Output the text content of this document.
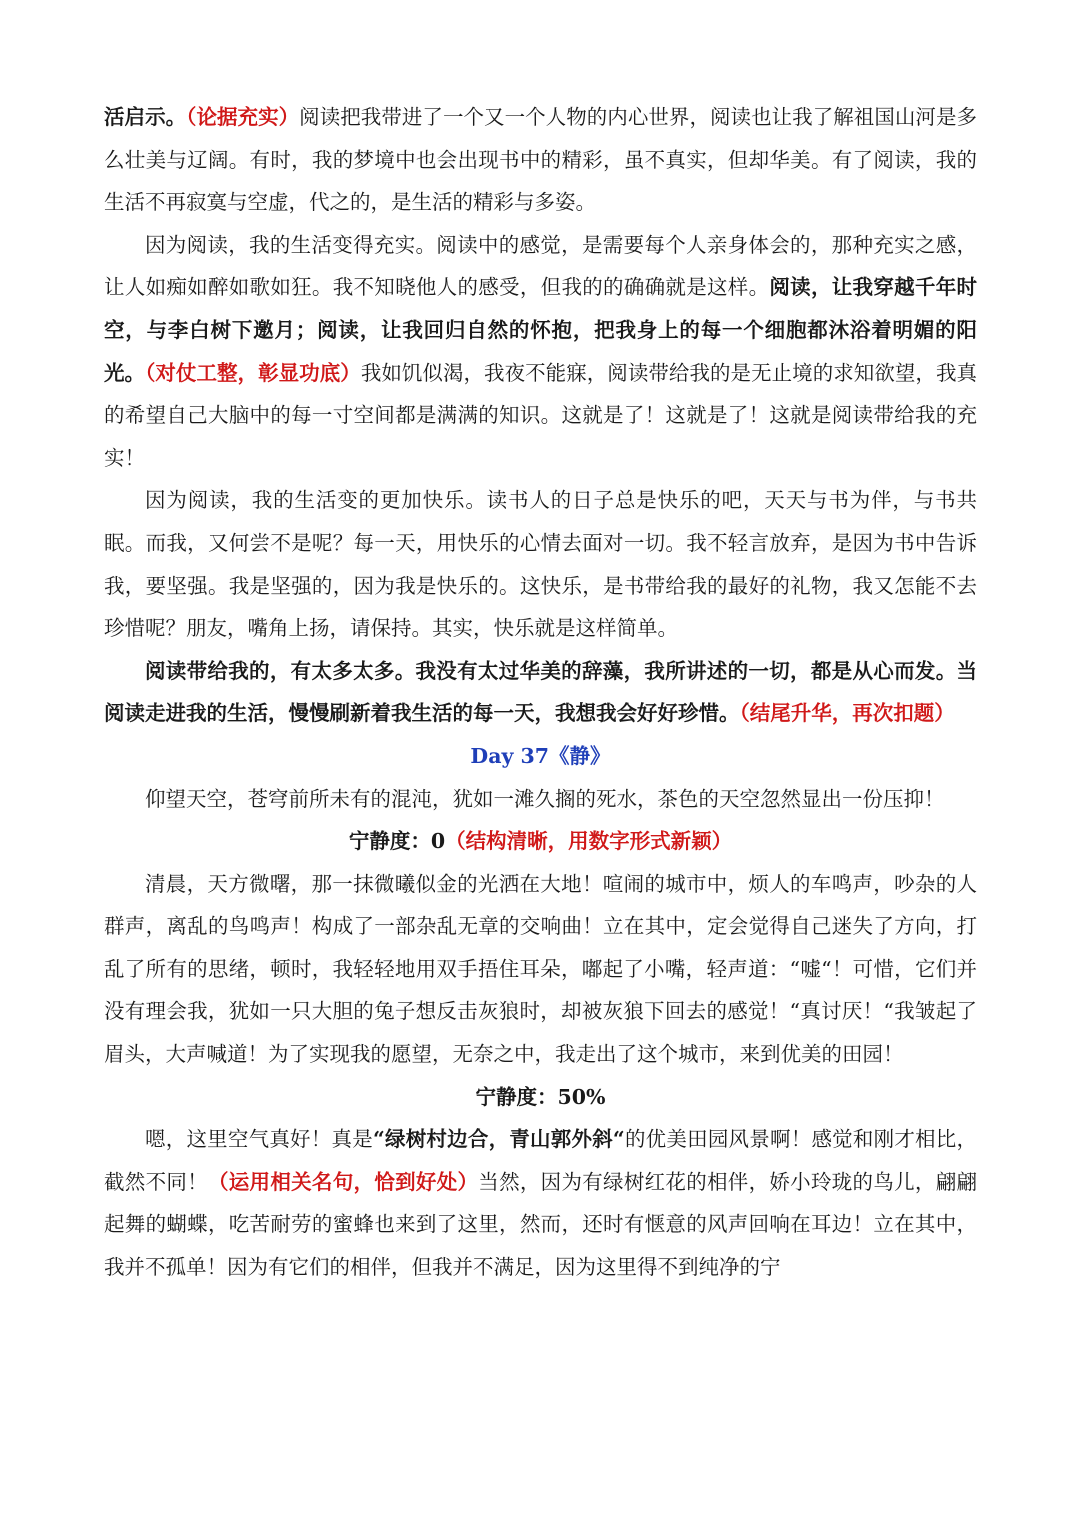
活启示。（论据充实）阅读把我带进了一个又一个人物的内心世界，阅读也让我了解祖国山河是多么壮美与辽阔。有时，我的梦境中也会出现书中的精彩，虽不真实，但却华美。有了阅读，我的生活不再寂寞与空虚，代之的，是生活的精彩与多姿。

因为阅读，我的生活变得充实。阅读中的感觉，是需要每个人亲身体会的，那种充实之感，让人如痴如醉如歌如狂。我不知晓他人的感受，但我的的确确就是这样。阅读，让我穿越千年时空，与李白树下邀月；阅读，让我回归自然的怀抱，把我身上的每一个细胞都沐浴着明媚的阳光。（对仗工整，彰显功底）我如饥似渴，我夜不能寐，阅读带给我的是无止境的求知欲望，我真的希望自己大脑中的每一寸空间都是满满的知识。这就是了！这就是了！这就是阅读带给我的充实！

因为阅读，我的生活变的更加快乐。读书人的日子总是快乐的吧，天天与书为伴，与书共眠。而我，又何尝不是呢？每一天，用快乐的心情去面对一切。我不轻言放弃，是因为书中告诉我，要坚强。我是坚强的，因为我是快乐的。这快乐，是书带给我的最好的礼物，我又怎能不去珍惜呢？朋友，嘴角上扬，请保持。其实，快乐就是这样简单。

阅读带给我的，有太多太多。我没有太过华美的辞藻，我所讲述的一切，都是从心而发。当阅读走进我的生活，慢慢刷新着我生活的每一天，我想我会好好珍惜。（结尾升华，再次扣题）

Day 37《静》

仰望天空，苍穹前所未有的混沌，犹如一滩久搁的死水，茶色的天空忽然显出一份压抑！

宁静度：0（结构清晰，用数字形式新颖）

清晨，天方微曙，那一抹微曦似金的光洒在大地！喧闹的城市中，烦人的车鸣声，吵杂的人群声，离乱的鸟鸣声！构成了一部杂乱无章的交响曲！立在其中，定会觉得自己迷失了方向，打乱了所有的思绪，顿时，我轻轻地用双手捂住耳朵，嘟起了小嘴，轻声道：“嘘“！可惜，它们并没有理会我，犹如一只大胆的兔子想反击灰狼时，却被灰狼下回去的感觉！“真讨厌！“我皱起了眉头，大声喊道！为了实现我的愿望，无奈之中，我走出了这个城市，来到优美的田园！

宁静度：50%

嗯，这里空气真好！真是“绿树村边合，青山郭外斜“的优美田园风景啊！感觉和刚才相比，截然不同！（运用相关名句，恰到好处）当然，因为有绿树红花的相伴，娇小玲珑的鸟儿，翩翩起舞的蝴蝶，吃苦耐劳的蜜蜂也来到了这里，然而，还时有惬意的风声回响在耳边！立在其中，我并不孤单！因为有它们的相伴，但我并不满足，因为这里得不到纯净的宁
